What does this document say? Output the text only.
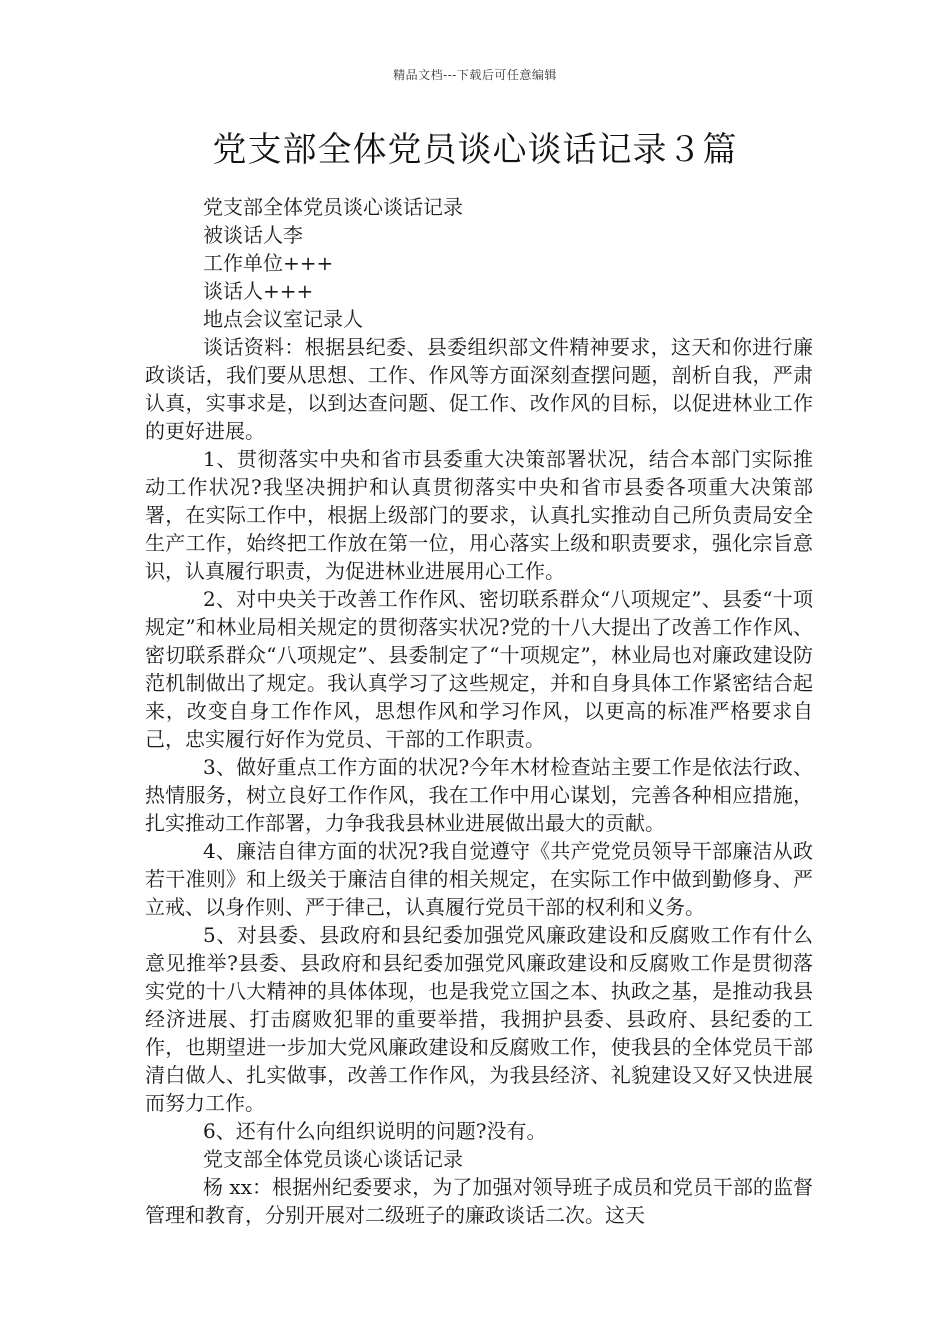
精品文档---下载后可任意编辑
党支部全体党员谈心谈话记录３篇

党支部全体党员谈心谈话记录

被谈话人李

工作单位+++

谈话人+++

地点会议室记录人

谈话资料：根据县纪委、县委组织部文件精神要求，这天和你进行廉政谈话，我们要从思想、工作、作风等方面深刻查摆问题，剖析自我，严肃认真，实事求是，以到达查问题、促工作、改作风的目标，以促进林业工作的更好进展。

1、贯彻落实中央和省市县委重大决策部署状况，结合本部门实际推动工作状况?我坚决拥护和认真贯彻落实中央和省市县委各项重大决策部署，在实际工作中，根据上级部门的要求，认真扎实推动自己所负责局安全生产工作，始终把工作放在第一位，用心落实上级和职责要求，强化宗旨意识，认真履行职责，为促进林业进展用心工作。

2、对中央关于改善工作作风、密切联系群众“八项规定”、县委“十项规定”和林业局相关规定的贯彻落实状况?党的十八大提出了改善工作作风、密切联系群众“八项规定”、县委制定了“十项规定”，林业局也对廉政建设防范机制做出了规定。我认真学习了这些规定，并和自身具体工作紧密结合起来，改变自身工作作风，思想作风和学习作风，以更高的标准严格要求自己，忠实履行好作为党员、干部的工作职责。

3、做好重点工作方面的状况?今年木材检查站主要工作是依法行政、热情服务，树立良好工作作风，我在工作中用心谋划，完善各种相应措施，扎实推动工作部署，力争我我县林业进展做出最大的贡献。

4、廉洁自律方面的状况?我自觉遵守《共产党党员领导干部廉洁从政若干准则》和上级关于廉洁自律的相关规定，在实际工作中做到勤修身、严立戒、以身作则、严于律己，认真履行党员干部的权利和义务。

5、对县委、县政府和县纪委加强党风廉政建设和反腐败工作有什么意见推举?县委、县政府和县纪委加强党风廉政建设和反腐败工作是贯彻落实党的十八大精神的具体体现，也是我党立国之本、执政之基，是推动我县经济进展、打击腐败犯罪的重要举措，我拥护县委、县政府、县纪委的工作，也期望进一步加大党风廉政建设和反腐败工作，使我县的全体党员干部清白做人、扎实做事，改善工作作风，为我县经济、礼貌建设又好又快进展而努力工作。

6、还有什么向组织说明的问题?没有。

党支部全体党员谈心谈话记录

杨 xx：根据州纪委要求，为了加强对领导班子成员和党员干部的监督管理和教育，分别开展对二级班子的廉政谈话二次。这天
